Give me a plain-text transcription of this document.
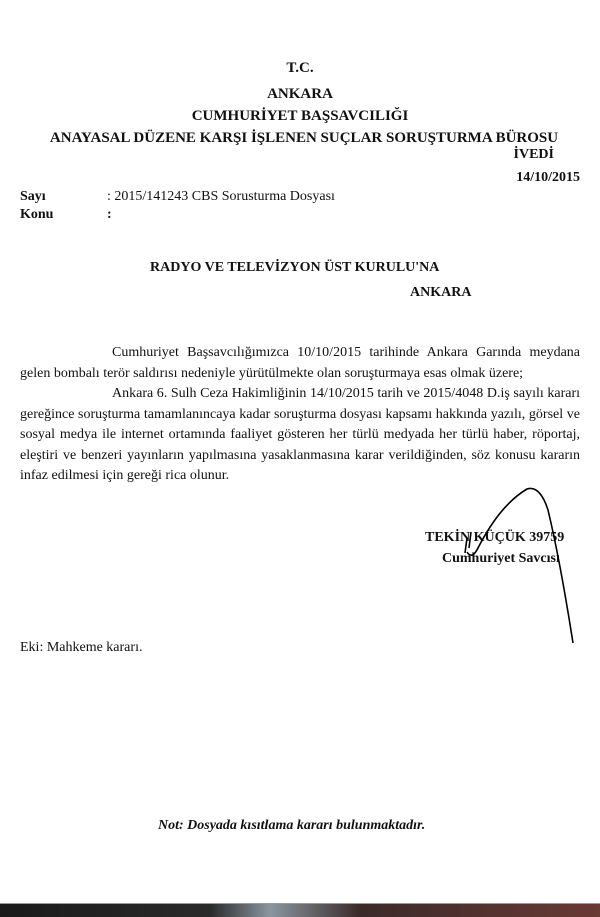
T.C.
ANKARA
CUMHURİYET BAŞSAVCILIĞI
ANAYASAL DÜZENE KARŞI İŞLENEN SUÇLAR SORUŞTURMA BÜROSU
İVEDİ
14/10/2015
Sayı	: 2015/141243 CBS Sorusturma Dosyası
Konu	:
RADYO VE TELEVİZYON ÜST KURULU'NA
ANKARA

Cumhuriyet Başsavcılığımızca 10/10/2015 tarihinde Ankara Garında meydana gelen bombalı terör saldırısı nedeniyle yürütülmekte olan soruşturmaya esas olmak üzere;

Ankara 6. Sulh Ceza Hakimliğinin 14/10/2015 tarih ve 2015/4048 D.iş sayılı kararı gereğince soruşturma tamamlanıncaya kadar soruşturma dosyası kapsamı hakkında yazılı, görsel ve sosyal medya ile internet ortamında faaliyet gösteren her türlü medyada her türlü haber, röportaj, eleştiri ve benzeri yayınların yapılmasına yasaklanmasına karar verildiğinden, söz konusu kararın infaz edilmesi için gereği rica olunur.

TEKİN KÜÇÜK 39759
Cumhuriyet Savcısı
Eki: Mahkeme kararı.
Not: Dosyada kısıtlama kararı bulunmaktadır.
